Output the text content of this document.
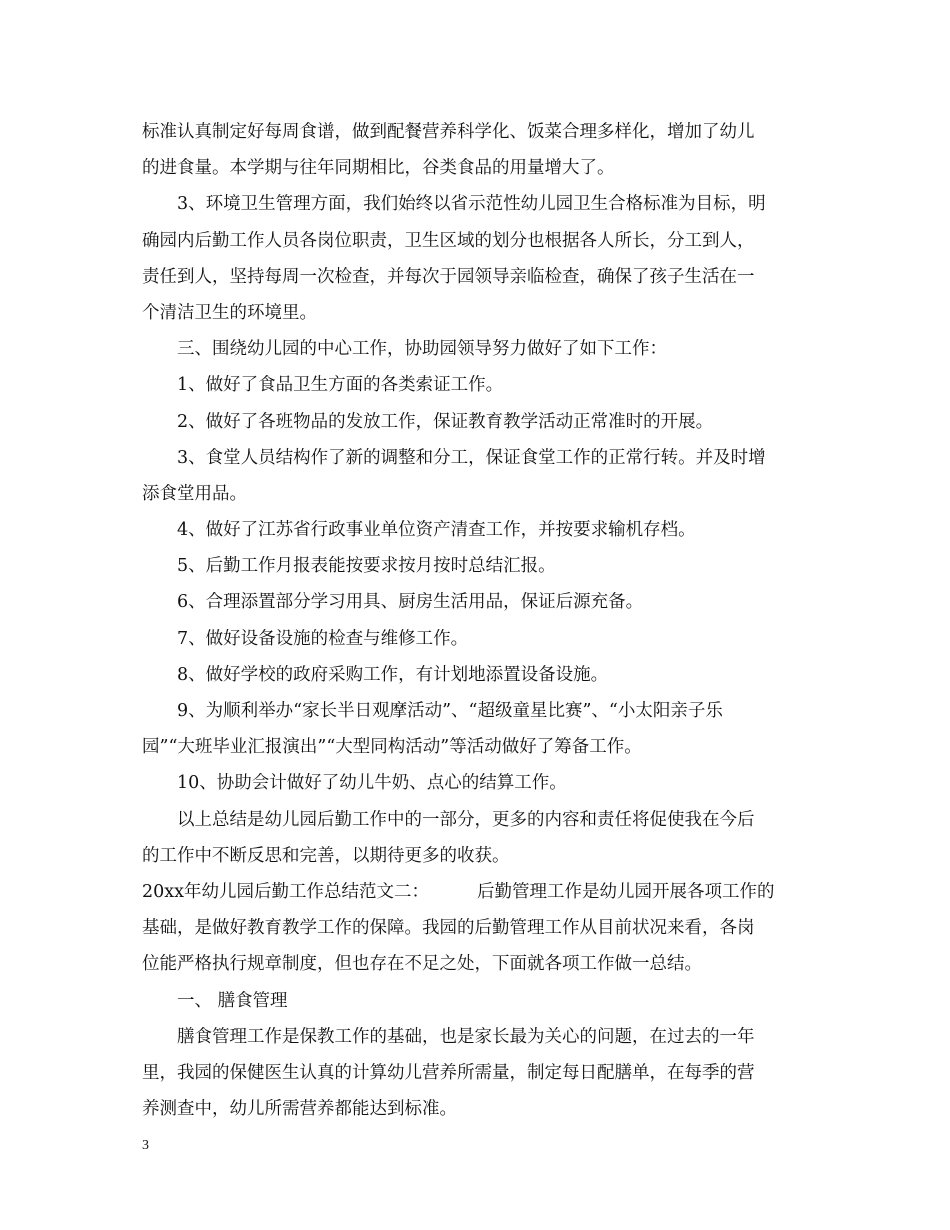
标准认真制定好每周食谱，做到配餐营养科学化、饭菜合理多样化，增加了幼儿
的进食量。本学期与往年同期相比，谷类食品的用量增大了。
3、环境卫生管理方面，我们始终以省示范性幼儿园卫生合格标准为目标，明
确园内后勤工作人员各岗位职责，卫生区域的划分也根据各人所长，分工到人，
责任到人，坚持每周一次检查，并每次于园领导亲临检查，确保了孩子生活在一
个清洁卫生的环境里。
三、围绕幼儿园的中心工作，协助园领导努力做好了如下工作：
1、做好了食品卫生方面的各类索证工作。
2、做好了各班物品的发放工作，保证教育教学活动正常准时的开展。
3、食堂人员结构作了新的调整和分工，保证食堂工作的正常行转。并及时增
添食堂用品。
4、做好了江苏省行政事业单位资产清查工作，并按要求输机存档。
5、后勤工作月报表能按要求按月按时总结汇报。
6、合理添置部分学习用具、厨房生活用品，保证后源充备。
7、做好设备设施的检查与维修工作。
8、做好学校的政府采购工作，有计划地添置设备设施。
9、为顺利举办“家长半日观摩活动”、“超级童星比赛”、“小太阳亲子乐
园”“大班毕业汇报演出”“大型同构活动”等活动做好了筹备工作。
10、协助会计做好了幼儿牛奶、点心的结算工作。
以上总结是幼儿园后勤工作中的一部分，更多的内容和责任将促使我在今后
的工作中不断反思和完善，以期待更多的收获。
20xx年幼儿园后勤工作总结范文二：	后勤管理工作是幼儿园开展各项工作的
基础，是做好教育教学工作的保障。我园的后勤管理工作从目前状况来看，各岗
位能严格执行规章制度，但也存在不足之处，下面就各项工作做一总结。
一、 膳食管理
膳食管理工作是保教工作的基础，也是家长最为关心的问题，在过去的一年
里，我园的保健医生认真的计算幼儿营养所需量，制定每日配膳单，在每季的营
养测查中，幼儿所需营养都能达到标准。
3
